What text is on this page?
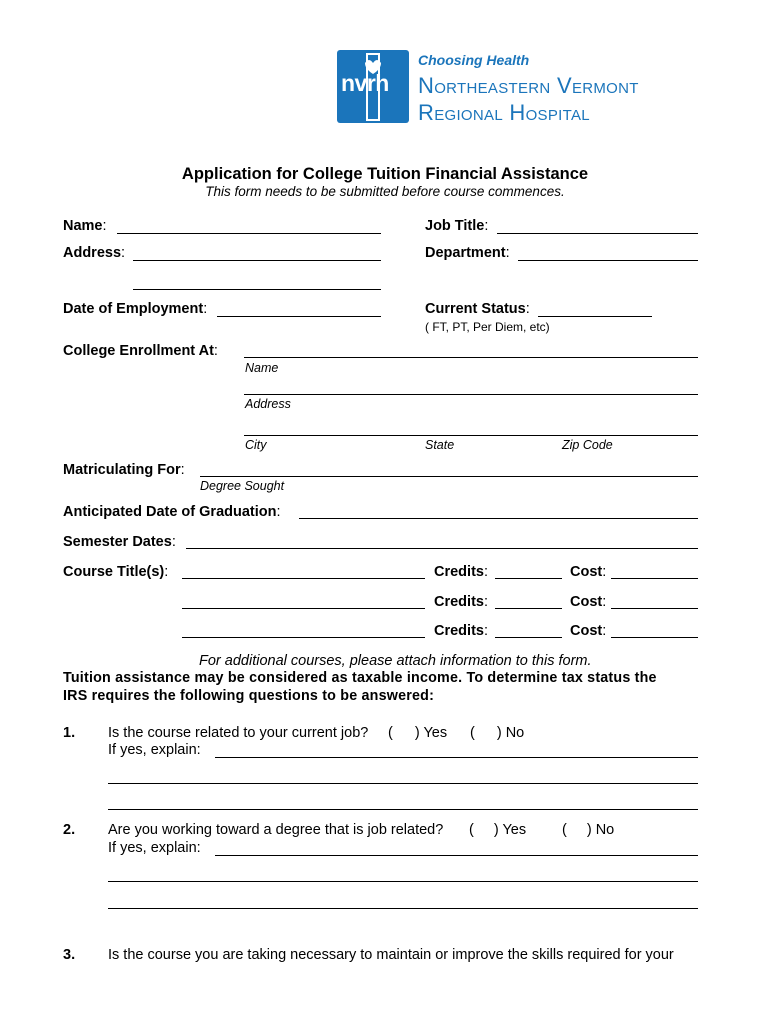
nvrh
Choosing Health
Northeastern Vermont
Regional Hospital
Application for College Tuition Financial Assistance
This form needs to be submitted before course commences.
Name:	Job Title:
Address:	Department:
Date of Employment:	Current Status:
( FT, PT, Per Diem, etc)
College Enrollment At:
Name
Address
City	State	Zip Code
Matriculating For:
Degree Sought
Anticipated Date of Graduation:
Semester Dates:
Course Title(s):	Credits:	Cost:
Credits:	Cost:
Credits:	Cost:
For additional courses, please attach information to this form.
Tuition assistance may be considered as taxable income. To determine tax status the
IRS requires the following questions to be answered:
1. Is the course related to your current job? ( ) Yes ( ) No
If yes, explain:
2. Are you working toward a degree that is job related? ( ) Yes ( ) No
If yes, explain:
3. Is the course you are taking necessary to maintain or improve the skills required for your
